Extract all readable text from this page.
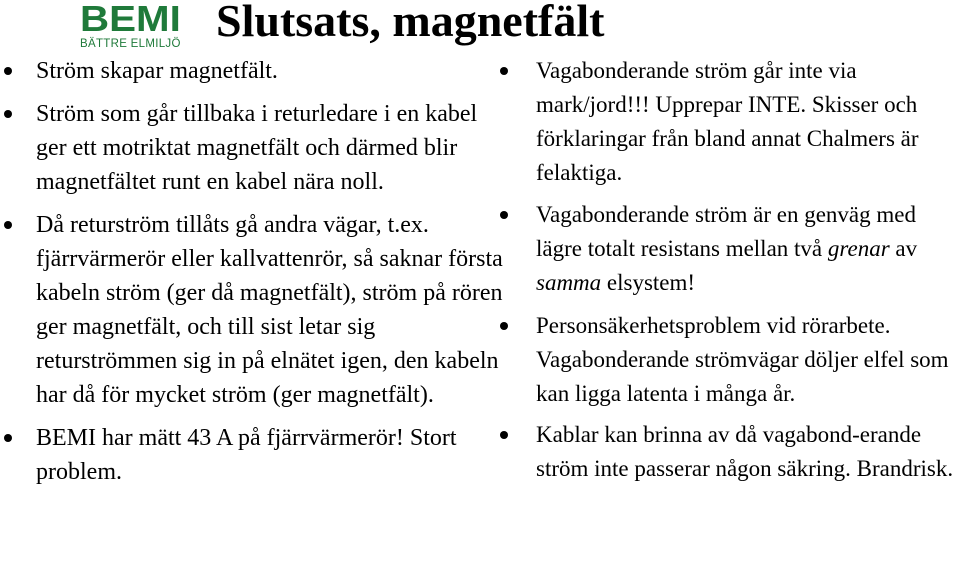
BEMI
BÄTTRE ELMILJÖ Slutsats, magnetfält
Ström skapar magnetfält.
Ström som går tillbaka i returledare i en kabel ger ett motriktat magnetfält och därmed blir magnetfältet runt en kabel nära noll.
Då returström tillåts gå andra vägar, t.ex. fjärrvärmerör eller kallvattenrör, så saknar första kabeln ström (ger då magnetfält), ström på rören ger magnetfält, och till sist letar sig returströmmen sig in på elnätet igen, den kabeln har då för mycket ström (ger magnetfält).
BEMI har mätt 43 A på fjärrvärmerör! Stort problem.
Vagabonderande ström går inte via mark/jord!!! Upprepar INTE. Skisser och förklaringar från bland annat Chalmers är felaktiga.
Vagabonderande ström är en genväg med lägre totalt resistans mellan två grenar av samma elsystem!
Personsäkerhetsproblem vid rörarbete. Vagabonderande strömvägar döljer elfel som kan ligga latenta i många år.
Kablar kan brinna av då vagabond-erande ström inte passerar någon säkring. Brandrisk.
